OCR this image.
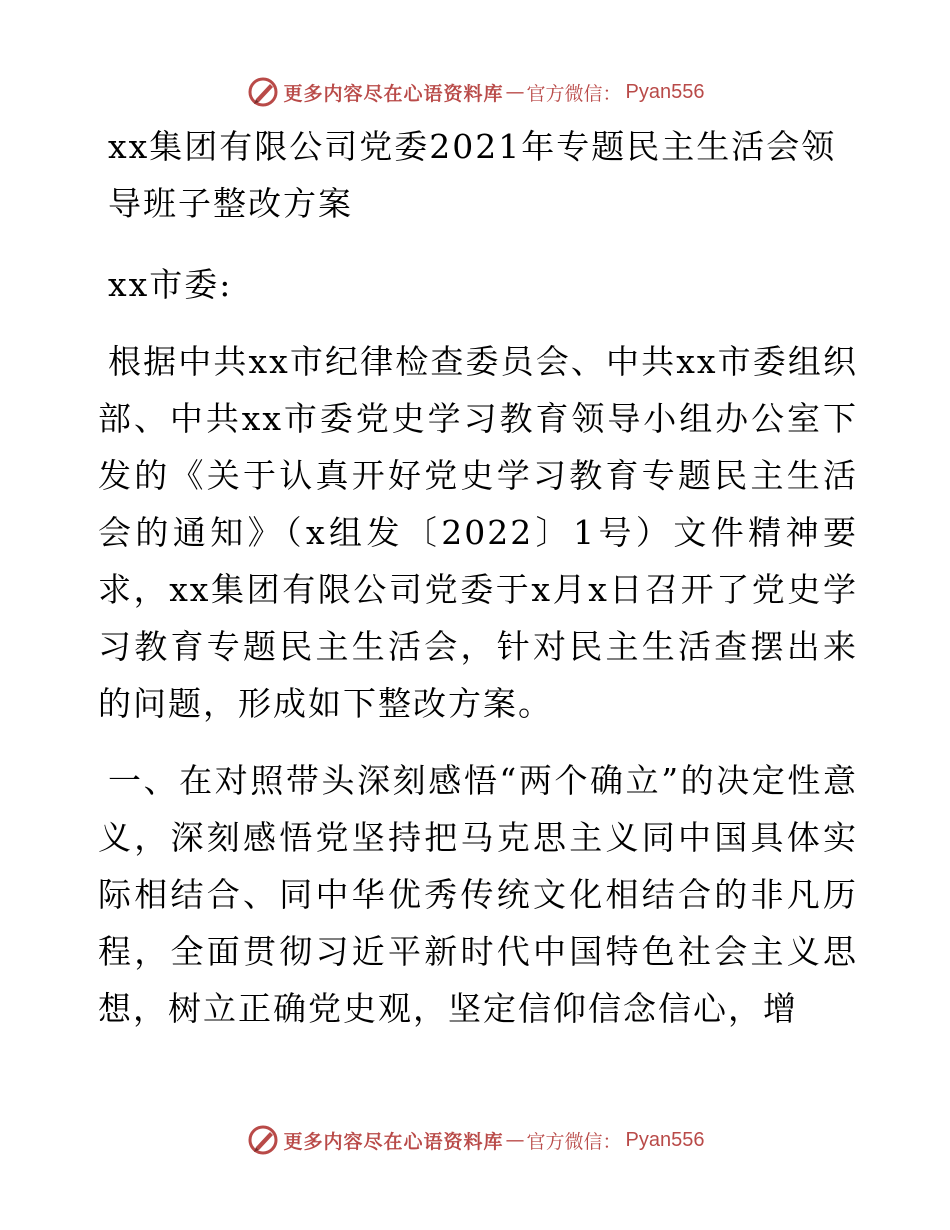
更多内容尽在心语资料库 — 官方微信： Pyan556
xx集团有限公司党委2021年专题民主生活会领导班子整改方案

xx市委:

根据中共xx市纪律检查委员会、中共xx市委组织部、中共xx市委党史学习教育领导小组办公室下发的《关于认真开好党史学习教育专题民主生活会的通知》（x组发〔2022〕1号）文件精神要求，xx集团有限公司党委于x月x日召开了党史学习教育专题民主生活会，针对民主生活查摆出来的问题，形成如下整改方案。

一、在对照带头深刻感悟“两个确立”的决定性意义，深刻感悟党坚持把马克思主义同中国具体实际相结合、同中华优秀传统文化相结合的非凡历程，全面贯彻习近平新时代中国特色社会主义思想，树立正确党史观，坚定信仰信念信心，增

更多内容尽在心语资料库 — 官方微信： Pyan556
